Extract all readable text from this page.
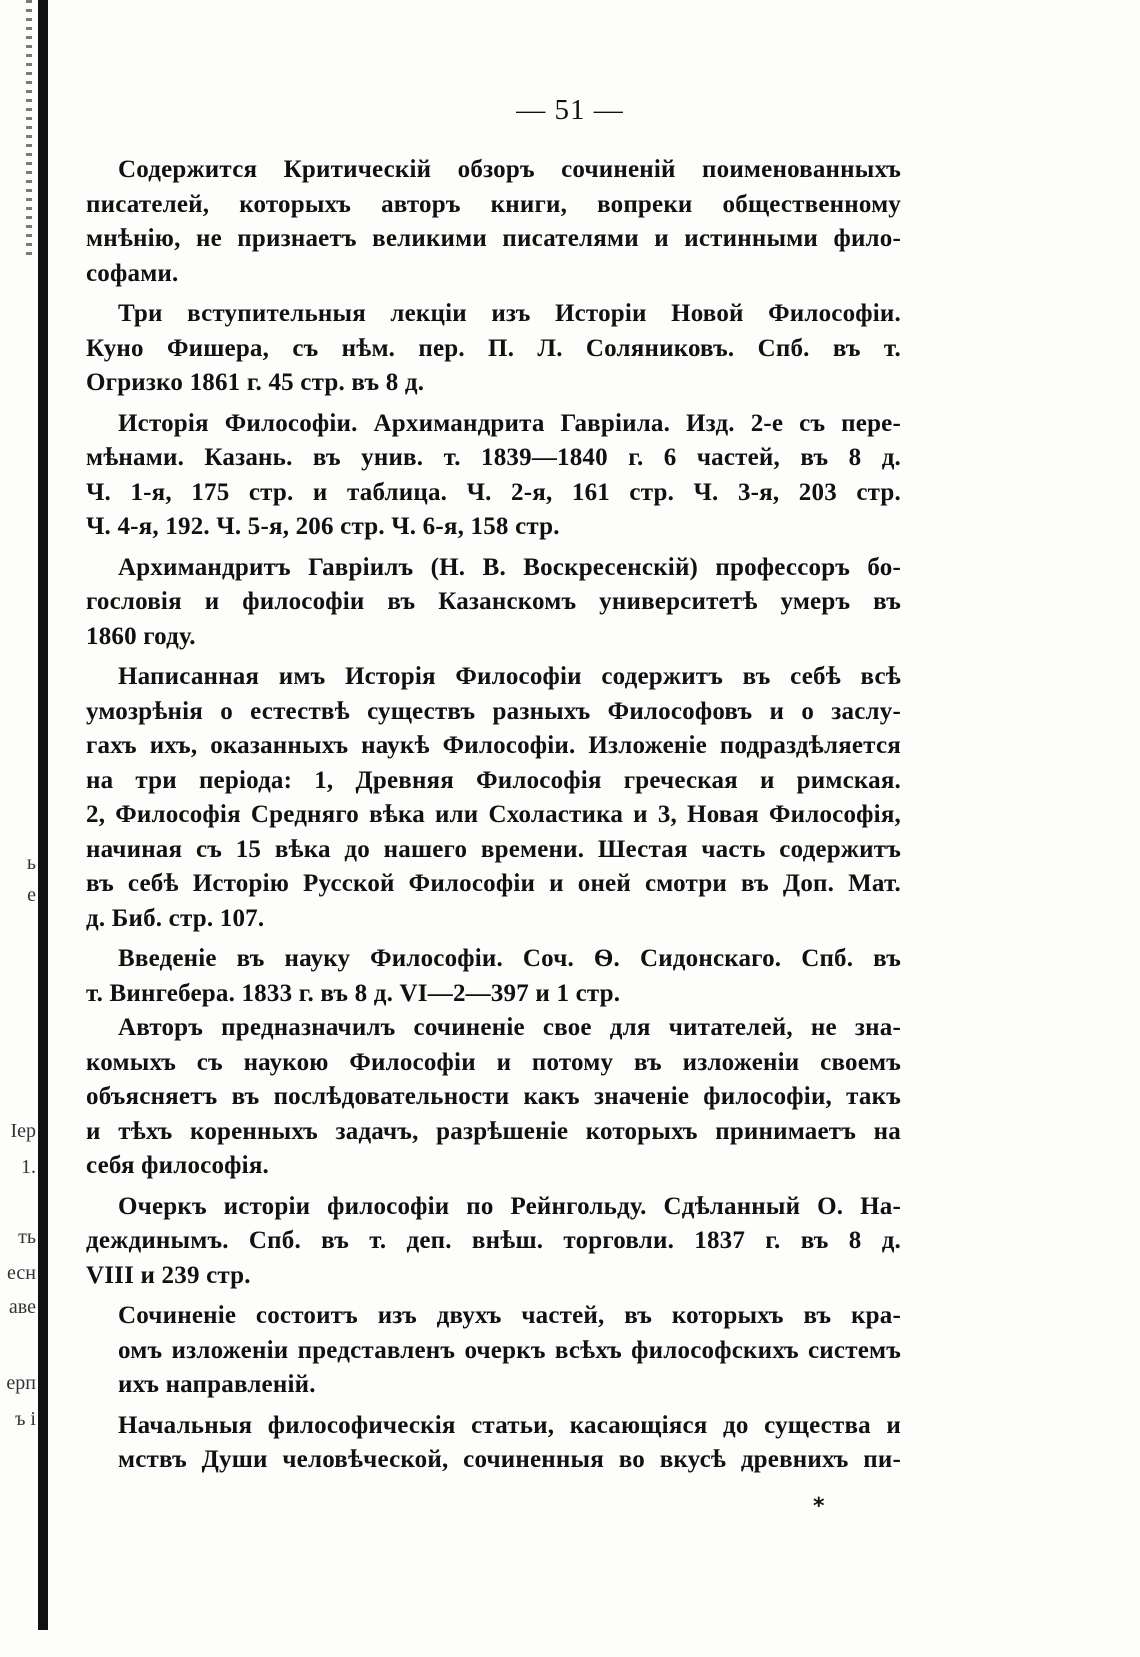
ь
е
Іер
1.
ть
есн
аве
ерп
ъ і
— 51 —
Содержится Критическій обзоръ сочиненій поименованныхъ
писателей, которыхъ авторъ книги, вопреки общественному
мнѣнію, не признаетъ великими писателями и истинными фило-
софами.
Три вступительныя лекціи изъ Исторіи Новой Философіи.
Куно Фишера, съ нѣм. пер. П. Л. Соляниковъ. Спб. въ т.
Огризко 1861 г. 45 стр. въ 8 д.
Исторія Философіи. Архимандрита Гавріила. Изд. 2-е съ пере-
мѣнами. Казань. въ унив. т. 1839—1840 г. 6 частей, въ 8 д.
Ч. 1-я, 175 стр. и таблица. Ч. 2-я, 161 стр. Ч. 3-я, 203 стр.
Ч. 4-я, 192. Ч. 5-я, 206 стр. Ч. 6-я, 158 стр.
Архимандритъ Гавріилъ (Н. В. Воскресенскій) профессоръ бо-
гословія и философіи въ Казанскомъ университетѣ умеръ въ
1860 году.
Написанная имъ Исторія Философіи содержитъ въ себѣ всѣ
умозрѣнія о естествѣ существъ разныхъ Философовъ и о заслу-
гахъ ихъ, оказанныхъ наукѣ Философіи. Изложеніе подраздѣляется
на три періода: 1, Древняя Философія греческая и римская.
2, Философія Средняго вѣка или Схоластика и 3, Новая Философія,
начиная съ 15 вѣка до нашего времени. Шестая часть содержитъ
въ себѣ Исторію Русской Философіи и оней смотри въ Доп. Мат.
д. Биб. стр. 107.
Введеніе въ науку Философіи. Соч. Ѳ. Сидонскаго. Спб. въ
т. Вингебера. 1833 г. въ 8 д. VI—2—397 и 1 стр.
Авторъ предназначилъ сочиненіе свое для читателей, не зна-
комыхъ съ наукою Философіи и потому въ изложеніи своемъ
объясняетъ въ послѣдовательности какъ значеніе философіи, такъ
и тѣхъ коренныхъ задачъ, разрѣшеніе которыхъ принимаетъ на
себя философія.
Очеркъ исторіи философіи по Рейнгольду. Сдѣланный О. На-
деждинымъ. Спб. въ т. деп. внѣш. торговли. 1837 г. въ 8 д.
VIII и 239 стр.
Сочиненіе состоитъ изъ двухъ частей, въ которыхъ въ кра-
омъ изложеніи представленъ очеркъ всѣхъ философскихъ системъ
ихъ направленій.
Начальныя философическія статьи, касающіяся до существа и
мствъ Души человѣческой, сочиненныя во вкусѣ древнихъ пи-
*
